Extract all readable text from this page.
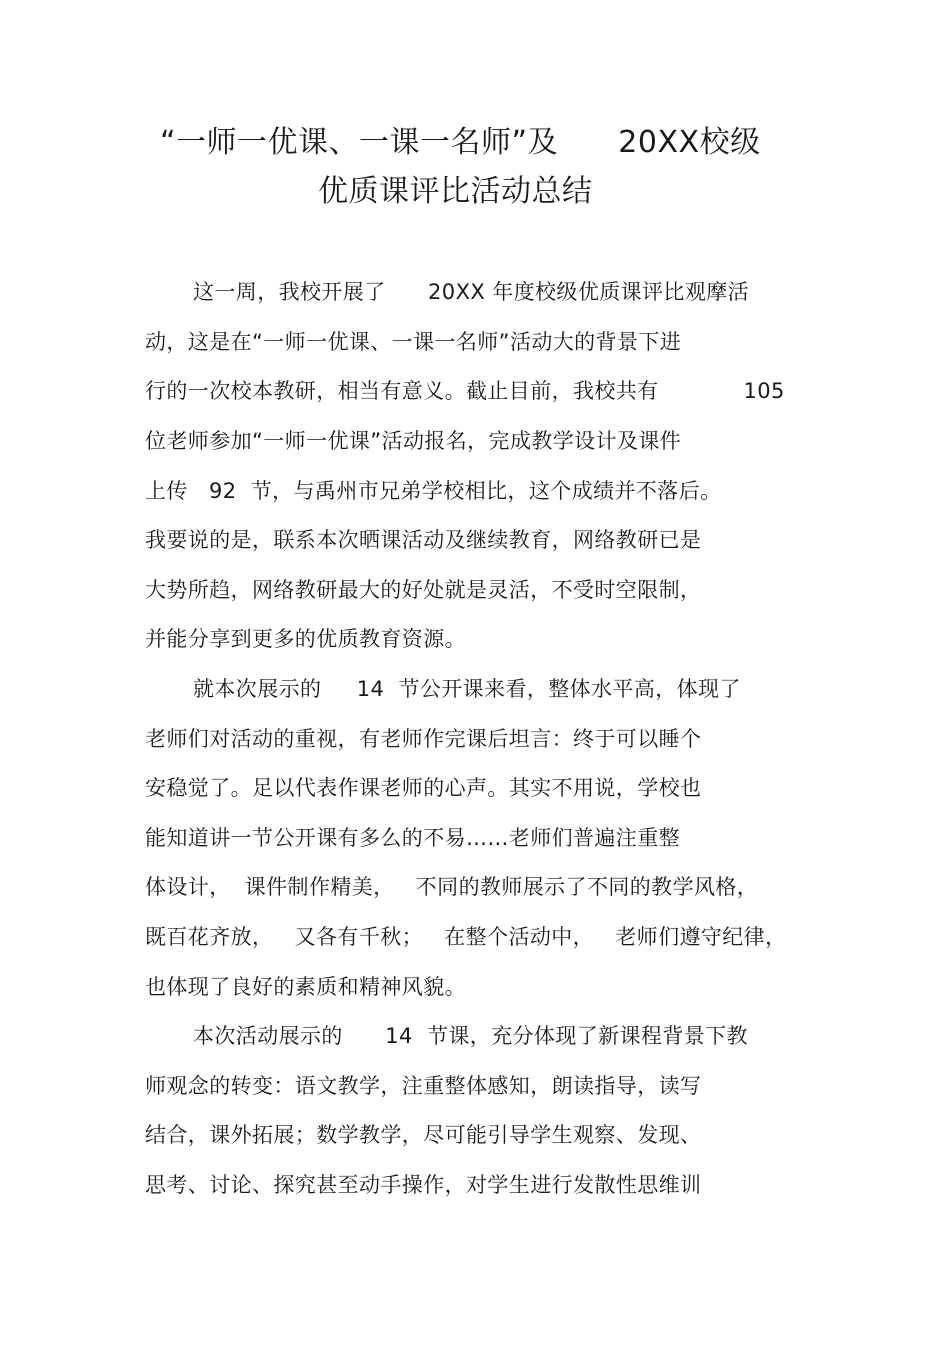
“一师一优课、一课一名师”及      20XX校级
优质课评比活动总结
这一周，我校开展了      20XX 年度校级优质课评比观摩活
动，这是在“一师一优课、一课一名师”活动大的背景下进
行的一次校本教研，相当有意义。截止目前，我校共有            105
位老师参加“一师一优课”活动报名，完成教学设计及课件
上传   92  节，与禹州市兄弟学校相比，这个成绩并不落后。
我要说的是，联系本次晒课活动及继续教育，网络教研已是
大势所趋，网络教研最大的好处就是灵活，不受时空限制，
并能分享到更多的优质教育资源。
就本次展示的     14  节公开课来看，整体水平高，体现了
老师们对活动的重视，有老师作完课后坦言：终于可以睡个
安稳觉了。足以代表作课老师的心声。其实不用说，学校也
能知道讲一节公开课有多么的不易……老师们普遍注重整
体设计，  课件制作精美，   不同的教师展示了不同的教学风格，
既百花齐放，   又各有千秋；   在整个活动中，   老师们遵守纪律，
也体现了良好的素质和精神风貌。
本次活动展示的      14  节课，充分体现了新课程背景下教
师观念的转变：语文教学，注重整体感知，朗读指导，读写
结合，课外拓展；数学教学，尽可能引导学生观察、发现、
思考、讨论、探究甚至动手操作，对学生进行发散性思维训
